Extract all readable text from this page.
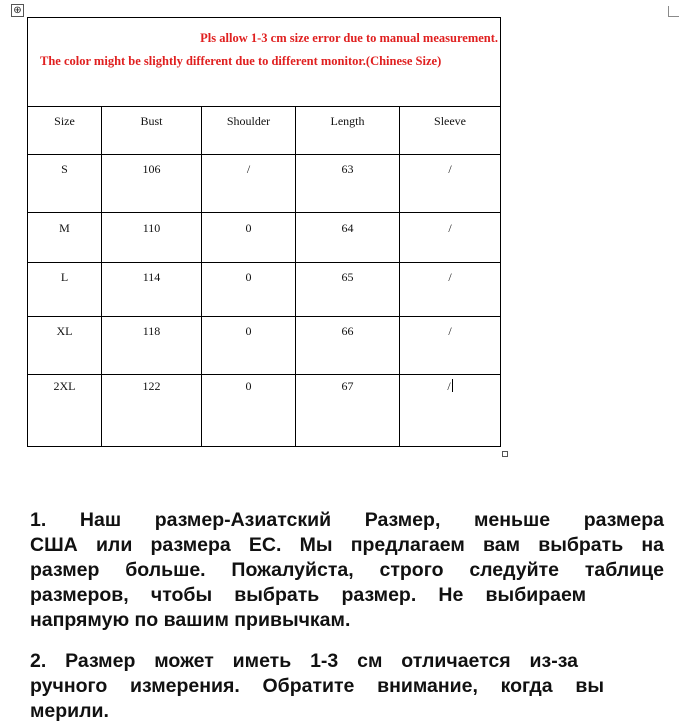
⊕
Pls allow 1-3 cm size error due to manual measurement.
The color might be slightly different due to different monitor.(Chinese Size)				

Size	Bust	Shoulder	Length	Sleeve
S	106	/	63	/
M	110	0	64	/
L	114	0	65	/
XL	118	0	66	/
2XL	122	0	67	/
1. Наш размер-Азиатский Размер, меньше размера
США или размера ЕС. Мы предлагаем вам выбрать на
размер больше. Пожалуйста, строго следуйте таблице
размеров, чтобы выбрать размер. Не выбираем
напрямую по вашим привычкам.
2. Размер может иметь 1-3 см отличается из-за
ручного измерения. Обратите внимание, когда вы
мерили.
